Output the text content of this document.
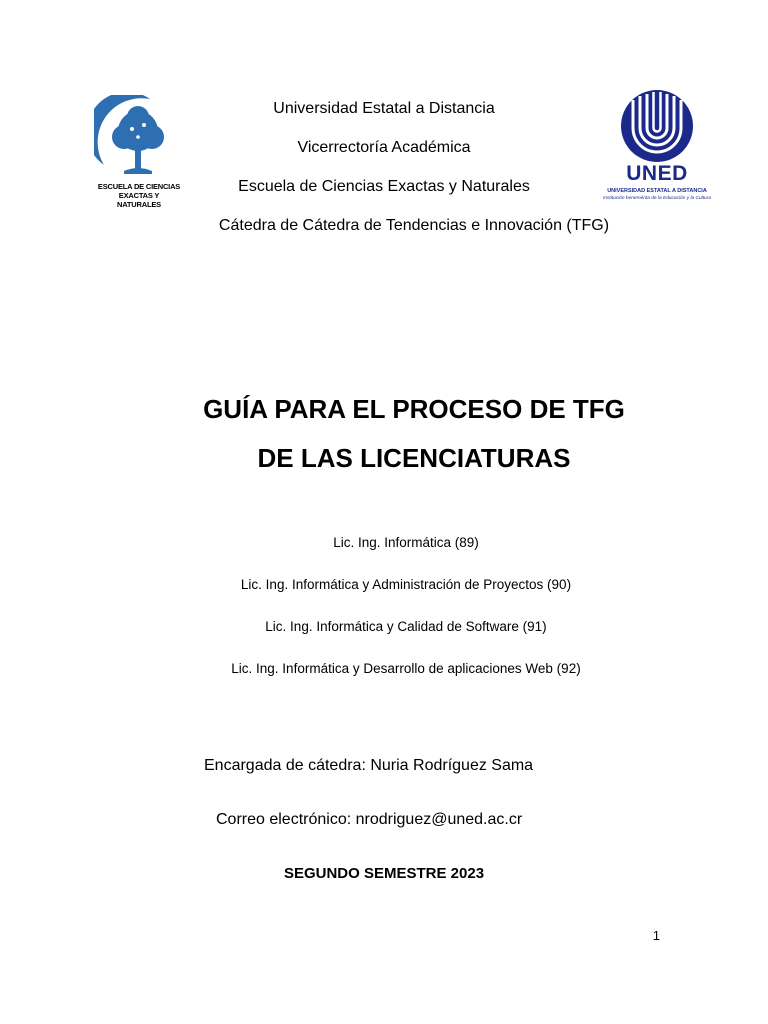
ESCUELA DE CIENCIAS EXACTAS Y NATURALES
UNED
UNIVERSIDAD ESTATAL A DISTANCIA
Institución benemérita de la Educación y la Cultura
Universidad Estatal a Distancia
Vicerrectoría Académica
Escuela de Ciencias Exactas y Naturales
Cátedra de Cátedra de Tendencias e Innovación (TFG)
GUÍA PARA EL PROCESO DE TFG
DE LAS LICENCIATURAS
Lic. Ing. Informática (89)
Lic. Ing. Informática y Administración de Proyectos (90)
Lic. Ing. Informática y Calidad de Software (91)
Lic. Ing. Informática y Desarrollo de aplicaciones Web (92)
Encargada de cátedra: Nuria Rodríguez Sama
Correo electrónico: nrodriguez@uned.ac.cr
SEGUNDO SEMESTRE 2023
1
